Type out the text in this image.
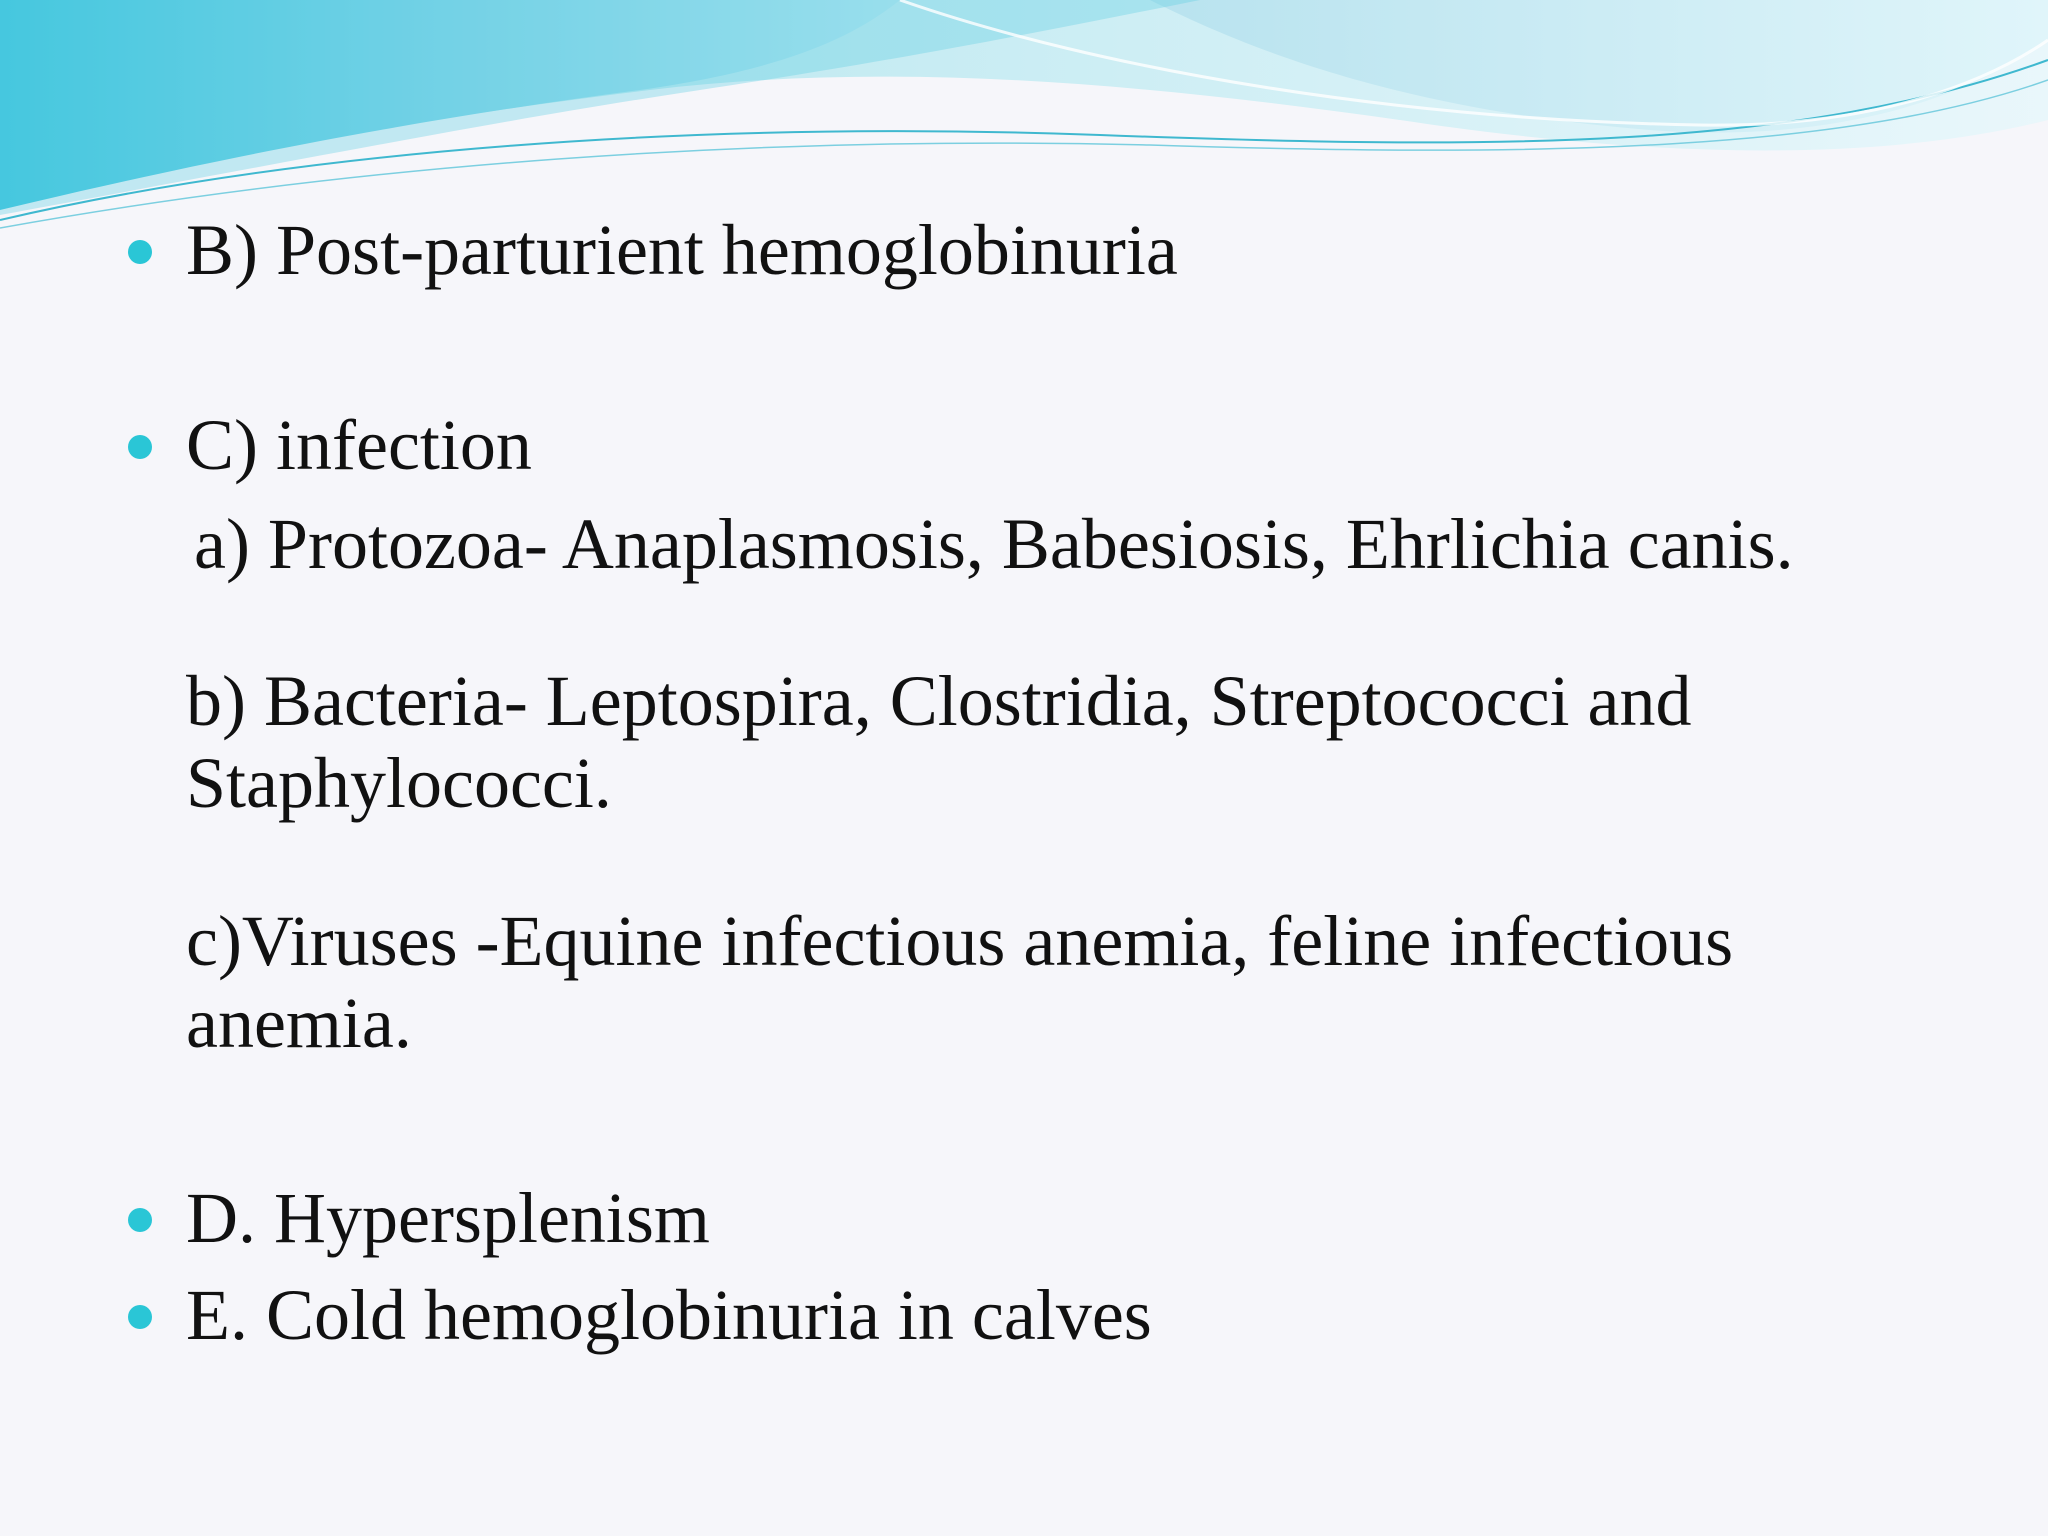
B) Post-parturient hemoglobinuria
C) infection
a) Protozoa- Anaplasmosis, Babesiosis, Ehrlichia canis.
b) Bacteria- Leptospira, Clostridia, Streptococci and
Staphylococci.
c)Viruses -Equine infectious anemia, feline infectious
anemia.
D. Hypersplenism
E. Cold hemoglobinuria in calves
